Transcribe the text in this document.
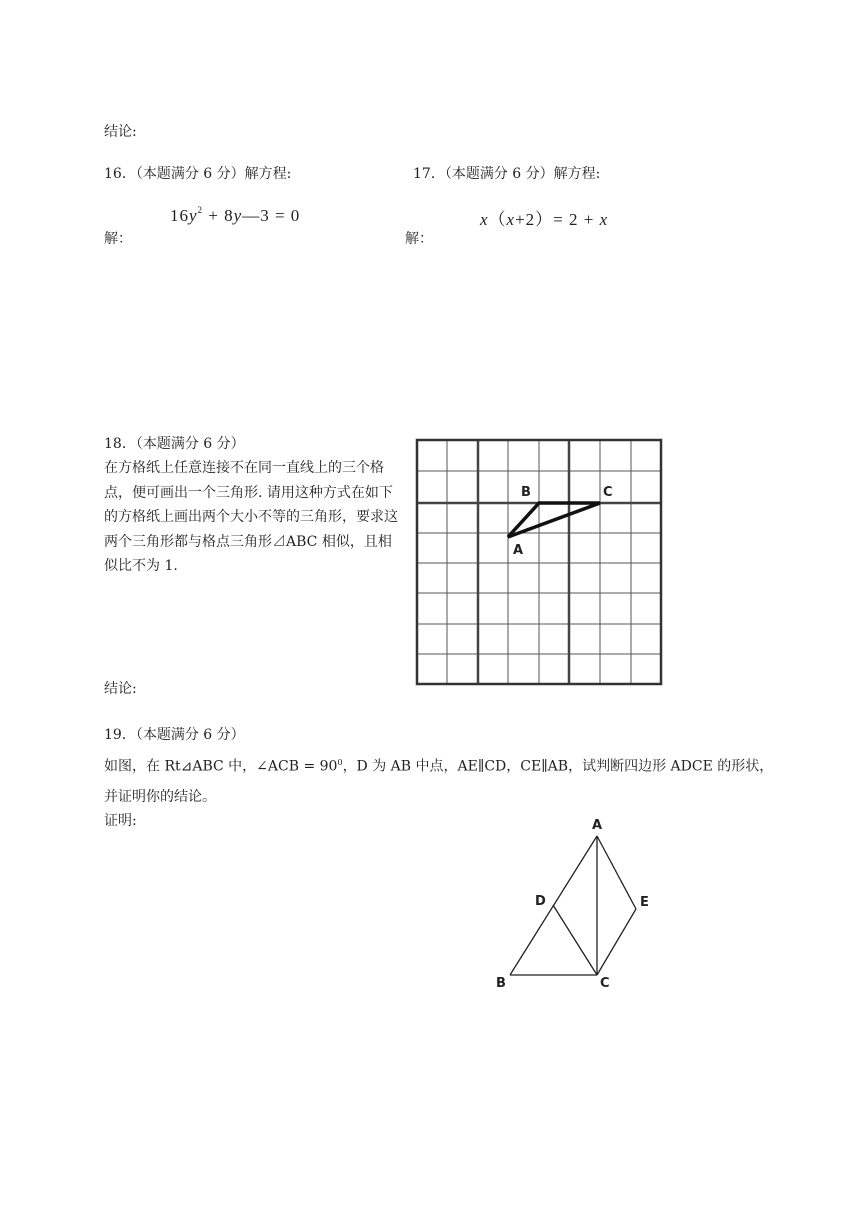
结论:
16．（本题满分 6 分）解方程:
$16y^2$ + 8y—3 = 0
解：
17．（本题满分 6 分）解方程:
x（x+2）= 2 + x
解：
18．（本题满分 6 分）
在方格纸上任意连接不在同一直线上的三个格点，便可画出一个三角形. 请用这种方式在如下的方格纸上画出两个大小不等的三角形，要求这两个三角形都与格点三角形⊿ABC 相似，且相似比不为 1.
结论:
B	C
A
19．（本题满分 6 分）
如图，在 Rt⊿ABC 中，∠ACB = $90^0$，D 为 AB 中点，AE∥CD，CE∥AB，试判断四边形 ADCE 的形状，并证明你的结论。
证明:	A
D	E
B	C
